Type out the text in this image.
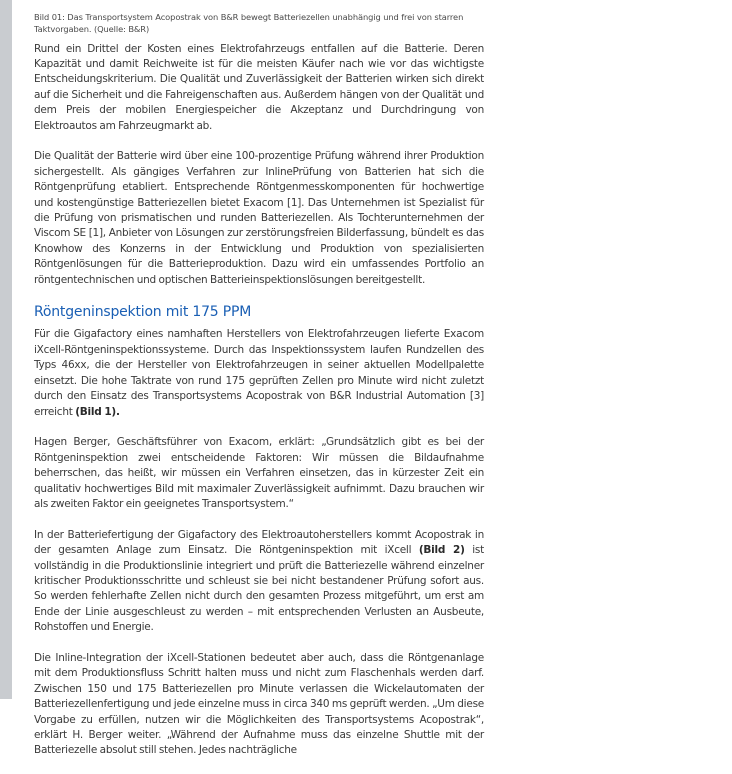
Bild 01: Das Transportsystem Acopostrak von B&R bewegt Batteriezellen unabhängig und frei von starren Taktvorgaben. (Quelle: B&R)

Rund ein Drittel der Kosten eines Elektrofahrzeugs entfallen auf die Batterie. Deren Kapazität und damit Reichweite ist für die meisten Käufer nach wie vor das wichtigste Entscheidungskriterium. Die Qualität und Zuverlässigkeit der Batterien wirken sich direkt auf die Sicherheit und die Fahreigenschaften aus. Außerdem hängen von der Qualität und dem Preis der mobilen Energiespeicher die Akzeptanz und Durchdringung von Elektroautos am Fahrzeugmarkt ab.

Die Qualität der Batterie wird über eine 100-prozentige Prüfung während ihrer Produktion sichergestellt. Als gängiges Verfahren zur InlinePrüfung von Batterien hat sich die Röntgenprüfung etabliert. Entsprechende Röntgenmesskomponenten für hochwertige und kostengünstige Batteriezellen bietet Exacom [1]. Das Unternehmen ist Spezialist für die Prüfung von prismatischen und runden Batteriezellen. Als Tochterunternehmen der Viscom SE [1], Anbieter von Lösungen zur zerstörungsfreien Bilderfassung, bündelt es das Knowhow des Konzerns in der Entwicklung und Produktion von spezialisierten Röntgenlösungen für die Batterieproduktion. Dazu wird ein umfassendes Portfolio an röntgentechnischen und optischen Batterieinspektionslösungen bereitgestellt.

Röntgeninspektion mit 175 PPM

Für die Gigafactory eines namhaften Herstellers von Elektrofahrzeugen lieferte Exacom iXcell-Röntgeninspektionssysteme. Durch das Inspektionssystem laufen Rundzellen des Typs 46xx, die der Hersteller von Elektrofahrzeugen in seiner aktuellen Modellpalette einsetzt. Die hohe Taktrate von rund 175 geprüften Zellen pro Minute wird nicht zuletzt durch den Einsatz des Transportsystems Acopostrak von B&R Industrial Automation [3] erreicht (Bild 1).

Hagen Berger, Geschäftsführer von Exacom, erklärt: „Grundsätzlich gibt es bei der Röntgeninspektion zwei entscheidende Faktoren: Wir müssen die Bildaufnahme beherrschen, das heißt, wir müssen ein Verfahren einsetzen, das in kürzester Zeit ein qualitativ hochwertiges Bild mit maximaler Zuverlässigkeit aufnimmt. Dazu brauchen wir als zweiten Faktor ein geeignetes Transportsystem.“

In der Batteriefertigung der Gigafactory des Elektroautoherstellers kommt Acopostrak in der gesamten Anlage zum Einsatz. Die Röntgeninspektion mit iXcell (Bild 2) ist vollständig in die Produktionslinie integriert und prüft die Batteriezelle während einzelner kritischer Produktionsschritte und schleust sie bei nicht bestandener Prüfung sofort aus. So werden fehlerhafte Zellen nicht durch den gesamten Prozess mitgeführt, um erst am Ende der Linie ausgeschleust zu werden – mit entsprechenden Verlusten an Ausbeute, Rohstoffen und Energie.

Die Inline-Integration der iXcell-Stationen bedeutet aber auch, dass die Röntgenanlage mit dem Produktionsfluss Schritt halten muss und nicht zum Flaschenhals werden darf. Zwischen 150 und 175 Batteriezellen pro Minute verlassen die Wickelautomaten der Batteriezellenfertigung und jede einzelne muss in circa 340 ms geprüft werden. „Um diese Vorgabe zu erfüllen, nutzen wir die Möglichkeiten des Transportsystems Acopostrak“, erklärt H. Berger weiter. „Während der Aufnahme muss das einzelne Shuttle mit der Batteriezelle absolut still stehen. Jedes nachträgliche
